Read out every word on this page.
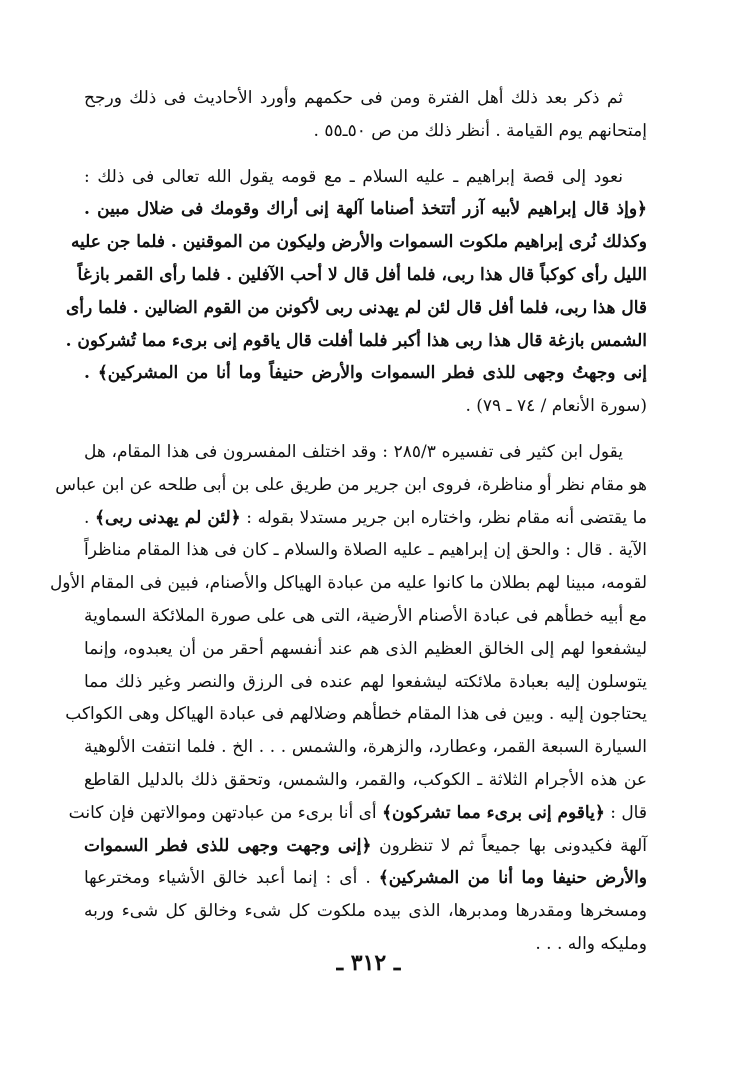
ثم ذكر بعد ذلك أهل الفترة ومن فى حكمهم وأورد الأحاديث فى ذلك ورجح
إمتحانهم يوم القيامة . أنظر ذلك من ص ٥٠ـ٥٥ .
نعود إلى قصة إبراهيم ـ عليه السلام ـ مع قومه يقول الله تعالى فى ذلك :
﴿وإذ قال إبراهيم لأبيه آزر أتتخذ أصناما آلهة إنى أراك وقومك فى ضلال مبين .
وكذلك نُرى إبراهيم ملكوت السموات والأرض وليكون من الموقنين . فلما جن عليه
الليل رأى كوكباً قال هذا ربى، فلما أفل قال لا أحب الآفلين . فلما رأى القمر بازغاً
قال هذا ربى، فلما أفل قال لئن لم يهدنى ربى لأكونن من القوم الضالين . فلما رأى
الشمس بازغة قال هذا ربى هذا أكبر فلما أفلت قال ياقوم إنى برىء مما تُشركون .
إنى وجهتُ وجهى للذى فطر السموات والأرض حنيفاً وما أنا من المشركين﴾ .
(سورة الأنعام / ٧٤ ـ ٧٩) .
يقول ابن كثير فى تفسيره ٢٨٥/٣ : وقد اختلف المفسرون فى هذا المقام، هل
هو مقام نظر أو مناظرة، فروى ابن جرير من طريق على بن أبى طلحه عن ابن عباس
ما يقتضى أنه مقام نظر، واختاره ابن جرير مستدلا بقوله : ﴿لئن لم يهدنى ربى﴾ .
الآية . قال : والحق إن إبراهيم ـ عليه الصلاة والسلام ـ كان فى هذا المقام مناظراً
لقومه، مبينا لهم بطلان ما كانوا عليه من عبادة الهياكل والأصنام، فبين فى المقام الأول
مع أبيه خطأهم فى عبادة الأصنام الأرضية، التى هى على صورة الملائكة السماوية
ليشفعوا لهم إلى الخالق العظيم الذى هم عند أنفسهم أحقر من أن يعبدوه، وإنما
يتوسلون إليه بعبادة ملائكته ليشفعوا لهم عنده فى الرزق والنصر وغير ذلك مما
يحتاجون إليه . وبين فى هذا المقام خطأهم وضلالهم فى عبادة الهياكل وهى الكواكب
السيارة السبعة القمر، وعطارد، والزهرة، والشمس . . . الخ . فلما انتفت الألوهية
عن هذه الأجرام الثلاثة ـ الكوكب، والقمر، والشمس، وتحقق ذلك بالدليل القاطع
قال : ﴿ياقوم إنى برىء مما تشركون﴾ أى أنا برىء من عبادتهن وموالاتهن فإن كانت
آلهة فكيدونى بها جميعاً ثم لا تنظرون ﴿إنى وجهت وجهى للذى فطر السموات
والأرض حنيفا وما أنا من المشركين﴾ . أى : إنما أعبد خالق الأشياء ومخترعها
ومسخرها ومقدرها ومدبرها، الذى بيده ملكوت كل شىء وخالق كل شىء وربه
ومليكه واله . . .
ـ ٣١٢ ـ
